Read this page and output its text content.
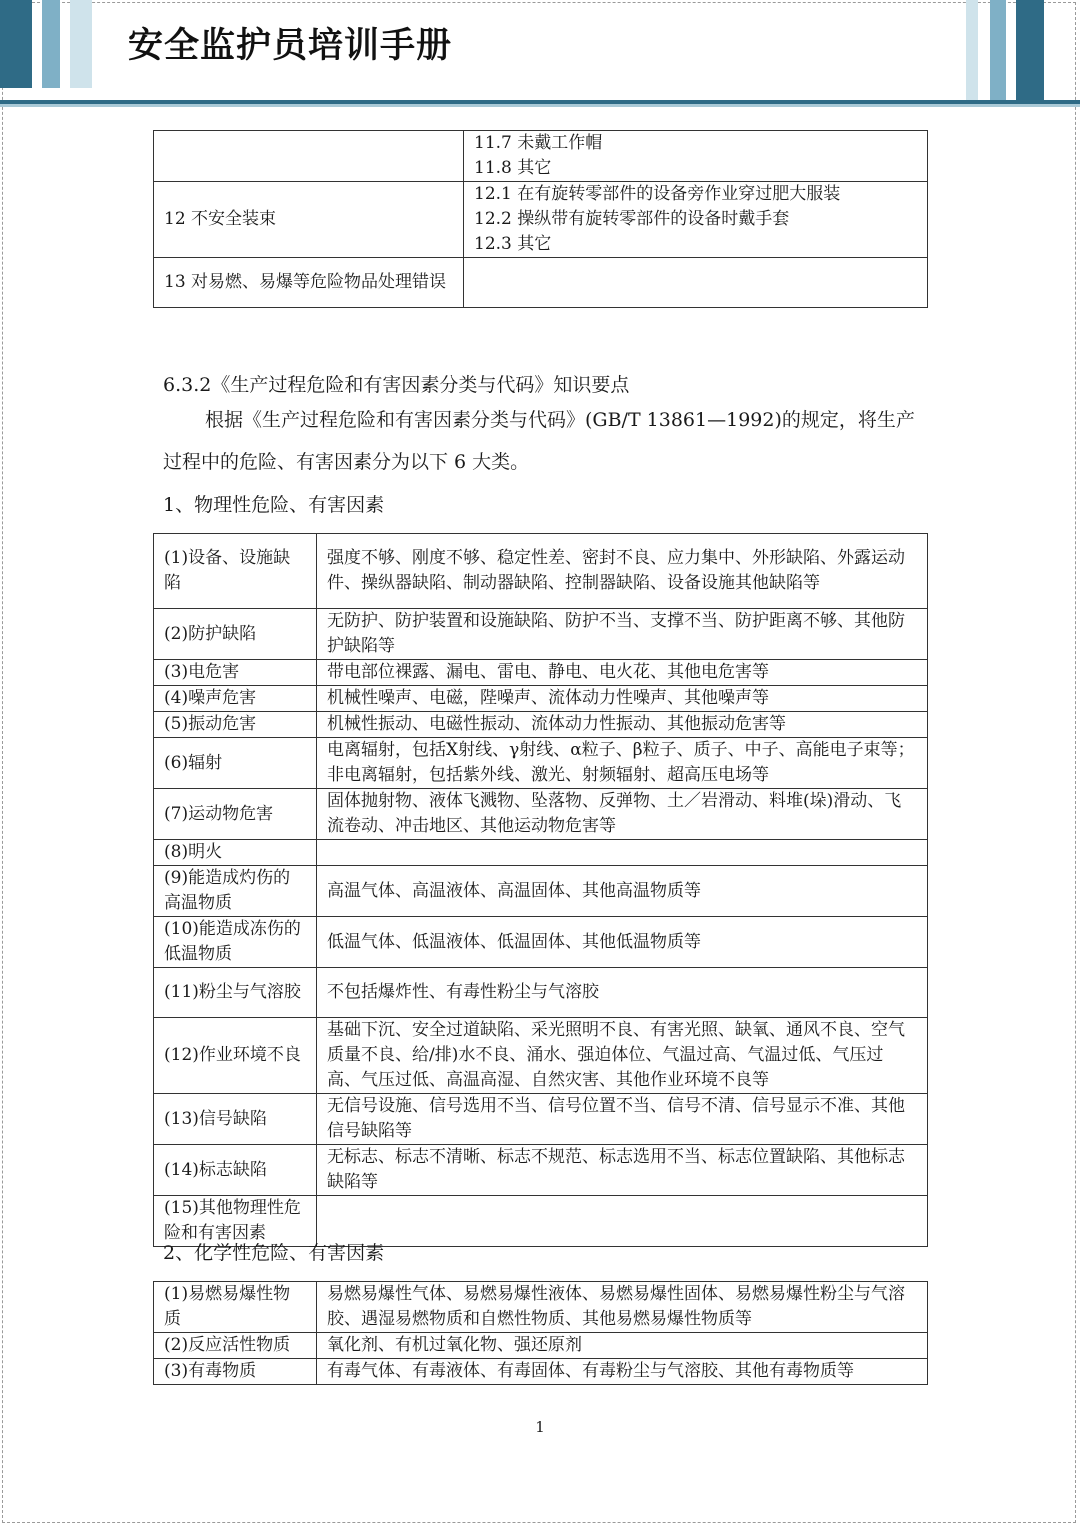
安全监护员培训手册

	11.7 未戴工作帽
11.8 其它

12 不安全装束	12.1 在有旋转零部件的设备旁作业穿过肥大服装
12.2 操纵带有旋转零部件的设备时戴手套
12.3 其它

13 对易燃、易爆等危险物品处理错误	
6.3.2《生产过程危险和有害因素分类与代码》知识要点
根据《生产过程危险和有害因素分类与代码》(GB/T 13861—1992)的规定，将生产过程中的危险、有害因素分为以下 6 大类。
1、物理性危险、有害因素
(1)设备、设施缺陷	强度不够、刚度不够、稳定性差、密封不良、应力集中、外形缺陷、外露运动件、操纵器缺陷、制动器缺陷、控制器缺陷、设备设施其他缺陷等
(2)防护缺陷	无防护、防护装置和设施缺陷、防护不当、支撑不当、防护距离不够、其他防护缺陷等
(3)电危害	带电部位裸露、漏电、雷电、静电、电火花、其他电危害等
(4)噪声危害	机械性噪声、电磁，陛噪声、流体动力性噪声、其他噪声等
(5)振动危害	机械性振动、电磁性振动、流体动力性振动、其他振动危害等
(6)辐射	电离辐射，包括Ⅹ射线、γ射线、α粒子、β粒子、质子、中子、高能电子束等；非电离辐射，包括紫外线、激光、射频辐射、超高压电场等
(7)运动物危害	固体抛射物、液体飞溅物、坠落物、反弹物、土／岩滑动、料堆(垛)滑动、飞流卷动、冲击地区、其他运动物危害等
(8)明火	
(9)能造成灼伤的高温物质	高温气体、高温液体、高温固体、其他高温物质等
(10)能造成冻伤的低温物质	低温气体、低温液体、低温固体、其他低温物质等
(11)粉尘与气溶胶	不包括爆炸性、有毒性粉尘与气溶胶
(12)作业环境不良	基础下沉、安全过道缺陷、采光照明不良、有害光照、缺氧、通风不良、空气质量不良、给/排)水不良、涌水、强迫体位、气温过高、气温过低、气压过高、气压过低、高温高湿、自然灾害、其他作业环境不良等
(13)信号缺陷	无信号设施、信号选用不当、信号位置不当、信号不清、信号显示不准、其他信号缺陷等
(14)标志缺陷	无标志、标志不清晰、标志不规范、标志选用不当、标志位置缺陷、其他标志缺陷等
(15)其他物理性危险和有害因素	
2、化学性危险、有害因素
(1)易燃易爆性物质	易燃易爆性气体、易燃易爆性液体、易燃易爆性固体、易燃易爆性粉尘与气溶胶、遇湿易燃物质和自燃性物质、其他易燃易爆性物质等
(2)反应活性物质	氧化剂、有机过氧化物、强还原剂
(3)有毒物质	有毒气体、有毒液体、有毒固体、有毒粉尘与气溶胶、其他有毒物质等
1
